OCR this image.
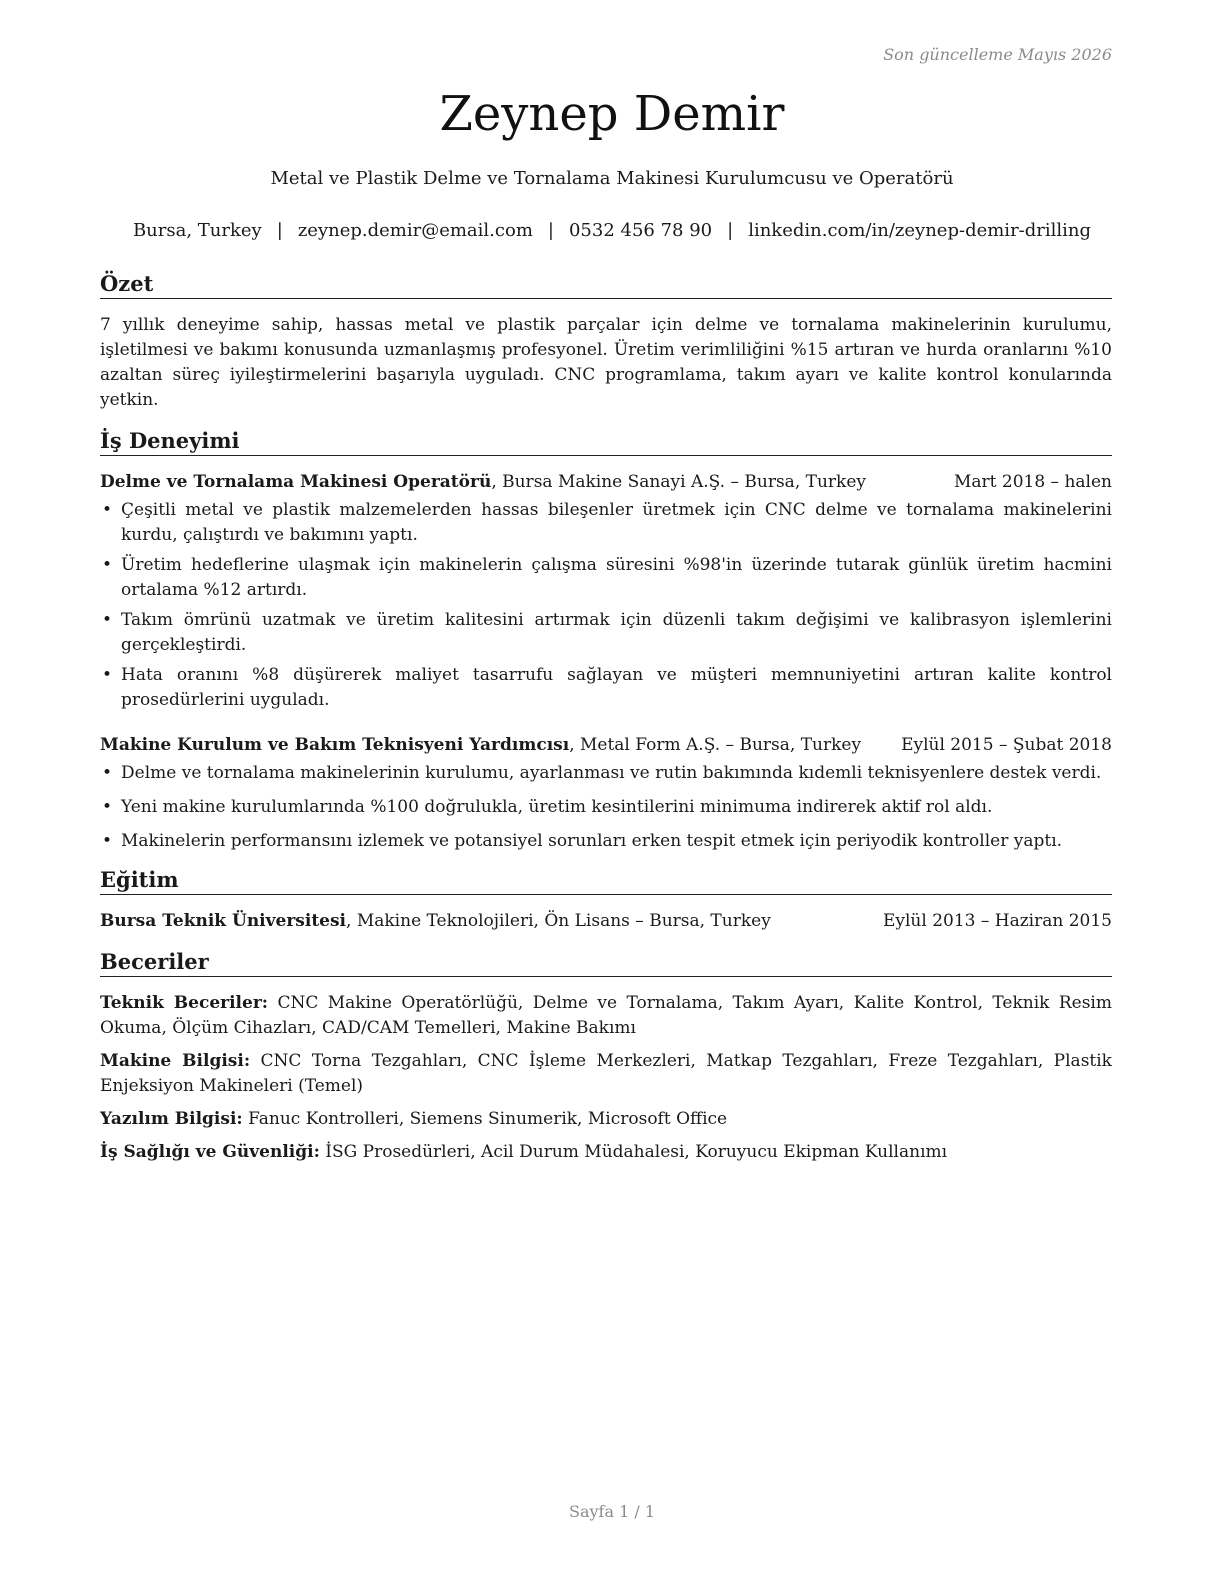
Son güncelleme Mayıs 2026
Zeynep Demir
Metal ve Plastik Delme ve Tornalama Makinesi Kurulumcusu ve Operatörü
Bursa, Turkey | zeynep.demir@email.com | 0532 456 78 90 | linkedin.com/in/zeynep-demir-drilling
Özet

7 yıllık deneyime sahip, hassas metal ve plastik parçalar için delme ve tornalama makinelerinin kurulumu, işletilmesi ve bakımı konusunda uzmanlaşmış profesyonel. Üretim verimliliğini %15 artıran ve hurda oranlarını %10 azaltan süreç iyileştirmelerini başarıyla uyguladı. CNC programlama, takım ayarı ve kalite kontrol konularında yetkin.

İş Deneyimi
Delme ve Tornalama Makinesi Operatörü, Bursa Makine Sanayi A.Ş. – Bursa, Turkey	Mart 2018 – halen
• Çeşitli metal ve plastik malzemelerden hassas bileşenler üretmek için CNC delme ve tornalama makinelerini kurdu, çalıştırdı ve bakımını yaptı.
• Üretim hedeflerine ulaşmak için makinelerin çalışma süresini %98'in üzerinde tutarak günlük üretim hacmini ortalama %12 artırdı.
• Takım ömrünü uzatmak ve üretim kalitesini artırmak için düzenli takım değişimi ve kalibrasyon işlemlerini gerçekleştirdi.
• Hata oranını %8 düşürerek maliyet tasarrufu sağlayan ve müşteri memnuniyetini artıran kalite kontrol prosedürlerini uyguladı.
Makine Kurulum ve Bakım Teknisyeni Yardımcısı, Metal Form A.Ş. – Bursa, Turkey Eylül 2015 – Şubat 2018
• Delme ve tornalama makinelerinin kurulumu, ayarlanması ve rutin bakımında kıdemli teknisyenlere destek verdi.
• Yeni makine kurulumlarında %100 doğrulukla, üretim kesintilerini minimuma indirerek aktif rol aldı.
• Makinelerin performansını izlemek ve potansiyel sorunları erken tespit etmek için periyodik kontroller yaptı.
Eğitim
Bursa Teknik Üniversitesi, Makine Teknolojileri, Ön Lisans – Bursa, Turkey	Eylül 2013 – Haziran 2015
Beceriler
Teknik Beceriler: CNC Makine Operatörlüğü, Delme ve Tornalama, Takım Ayarı, Kalite Kontrol, Teknik Resim Okuma, Ölçüm Cihazları, CAD/CAM Temelleri, Makine Bakımı
Makine Bilgisi: CNC Torna Tezgahları, CNC İşleme Merkezleri, Matkap Tezgahları, Freze Tezgahları, Plastik Enjeksiyon Makineleri (Temel)
Yazılım Bilgisi: Fanuc Kontrolleri, Siemens Sinumerik, Microsoft Office
İş Sağlığı ve Güvenliği: İSG Prosedürleri, Acil Durum Müdahalesi, Koruyucu Ekipman Kullanımı
Sayfa 1 / 1
